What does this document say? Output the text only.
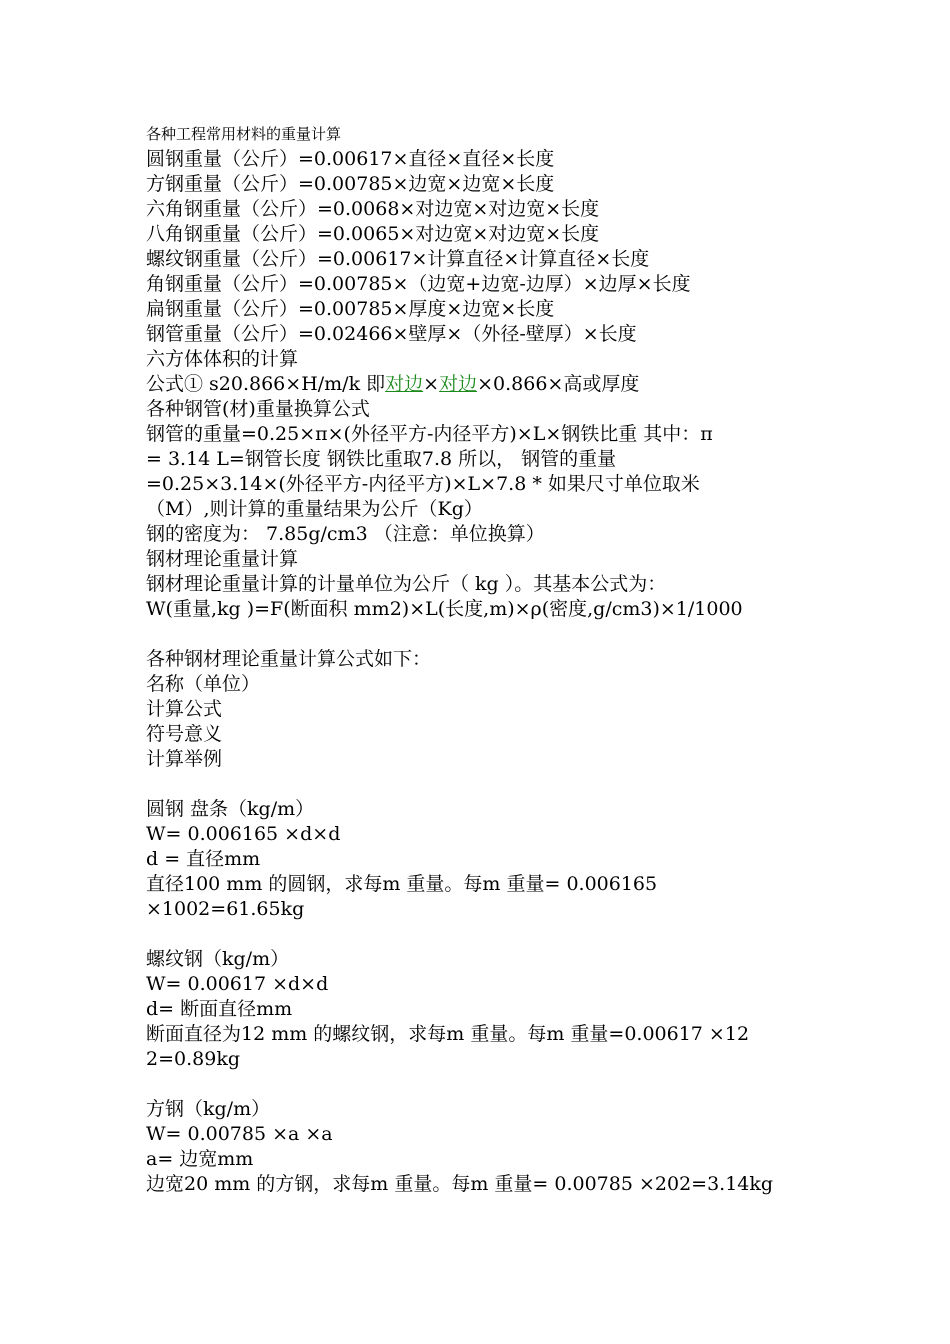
各种工程常用材料的重量计算
圆钢重量（公斤）=0.00617×直径×直径×长度
方钢重量（公斤）=0.00785×边宽×边宽×长度
六角钢重量（公斤）=0.0068×对边宽×对边宽×长度
八角钢重量（公斤）=0.0065×对边宽×对边宽×长度
螺纹钢重量（公斤）=0.00617×计算直径×计算直径×长度
角钢重量（公斤）=0.00785×（边宽+边宽-边厚）×边厚×长度
扁钢重量（公斤）=0.00785×厚度×边宽×长度
钢管重量（公斤）=0.02466×壁厚×（外径-壁厚）×长度
六方体体积的计算
公式① s20.866×H/m/k 即对边×对边×0.866×高或厚度
各种钢管(材)重量换算公式
钢管的重量=0.25×π×(外径平方-内径平方)×L×钢铁比重 其中：π
= 3.14 L=钢管长度 钢铁比重取7.8 所以， 钢管的重量
=0.25×3.14×(外径平方-内径平方)×L×7.8 * 如果尺寸单位取米
（M）,则计算的重量结果为公斤（Kg）
钢的密度为： 7.85g/cm3 （注意：单位换算）
钢材理论重量计算
钢材理论重量计算的计量单位为公斤（ kg ）。其基本公式为：
W(重量,kg )=F(断面积 mm2)×L(长度,m)×ρ(密度,g/cm3)×1/1000
各种钢材理论重量计算公式如下：
名称（单位）
计算公式
符号意义
计算举例
圆钢 盘条（kg/m）
W= 0.006165 ×d×d
d = 直径mm
直径100 mm 的圆钢，求每m 重量。每m 重量= 0.006165
×1002=61.65kg
螺纹钢（kg/m）
W= 0.00617 ×d×d
d= 断面直径mm
断面直径为12 mm 的螺纹钢，求每m 重量。每m 重量=0.00617 ×12
2=0.89kg
方钢（kg/m）
W= 0.00785 ×a ×a
a= 边宽mm
边宽20 mm 的方钢，求每m 重量。每m 重量= 0.00785 ×202=3.14kg
